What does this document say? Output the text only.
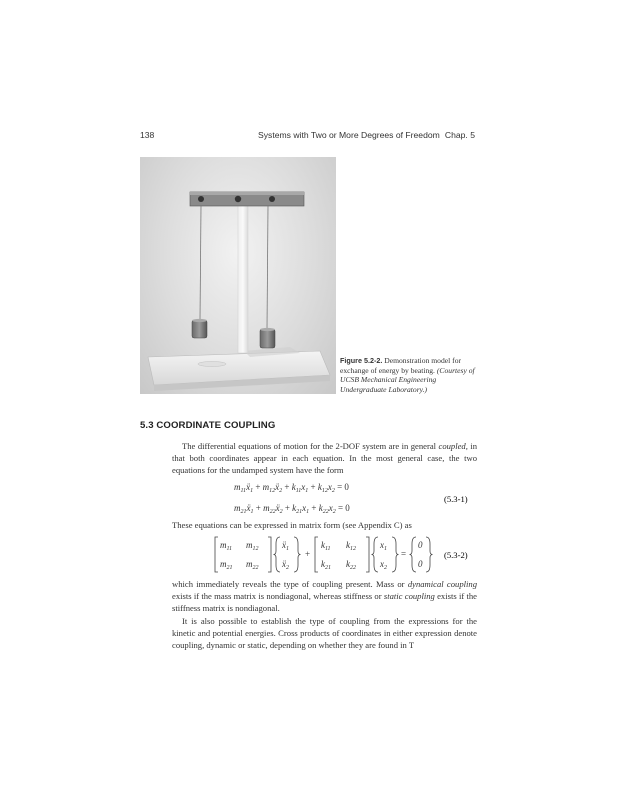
138	Systems with Two or More Degrees of Freedom Chap. 5
Figure 5.2-2. Demonstration model for exchange of energy by beating. (Courtesy of UCSB Mechanical Engineering Undergraduate Laboratory.)
5.3 COORDINATE COUPLING
The differential equations of motion for the 2-DOF system are in general coupled, in that both coordinates appear in each equation. In the most general case, the two equations for the undamped system have the form
$m_{11}ẍ_1$ + $m_{12}ẍ_2 + k_{11}x_1 + k_{12}x_2 = 0$
$m_{21}ẍ_1$ + $m_{22}ẍ_2 + k_{21}x_1 + k_{22}x_2 = 0$
(5.3-1)
These equations can be expressed in matrix form (see Appendix C) as
$m_{11}$ $m_{12}$
$m_{21}$ $m_{22}$
ẍ$_1$
ẍ$_2$
+
$k_{11}$ $k_{12}$
$k_{21}$ $k_{22}$
$x_1$
$x_2$
=
0
0
(5.3-2)
which immediately reveals the type of coupling present. Mass or dynamical coupling exists if the mass matrix is nondiagonal, whereas stiffness or static coupling exists if the stiffness matrix is nondiagonal.
It is also possible to establish the type of coupling from the expressions for the kinetic and potential energies. Cross products of coordinates in either expression denote coupling, dynamic or static, depending on whether they are found in T
